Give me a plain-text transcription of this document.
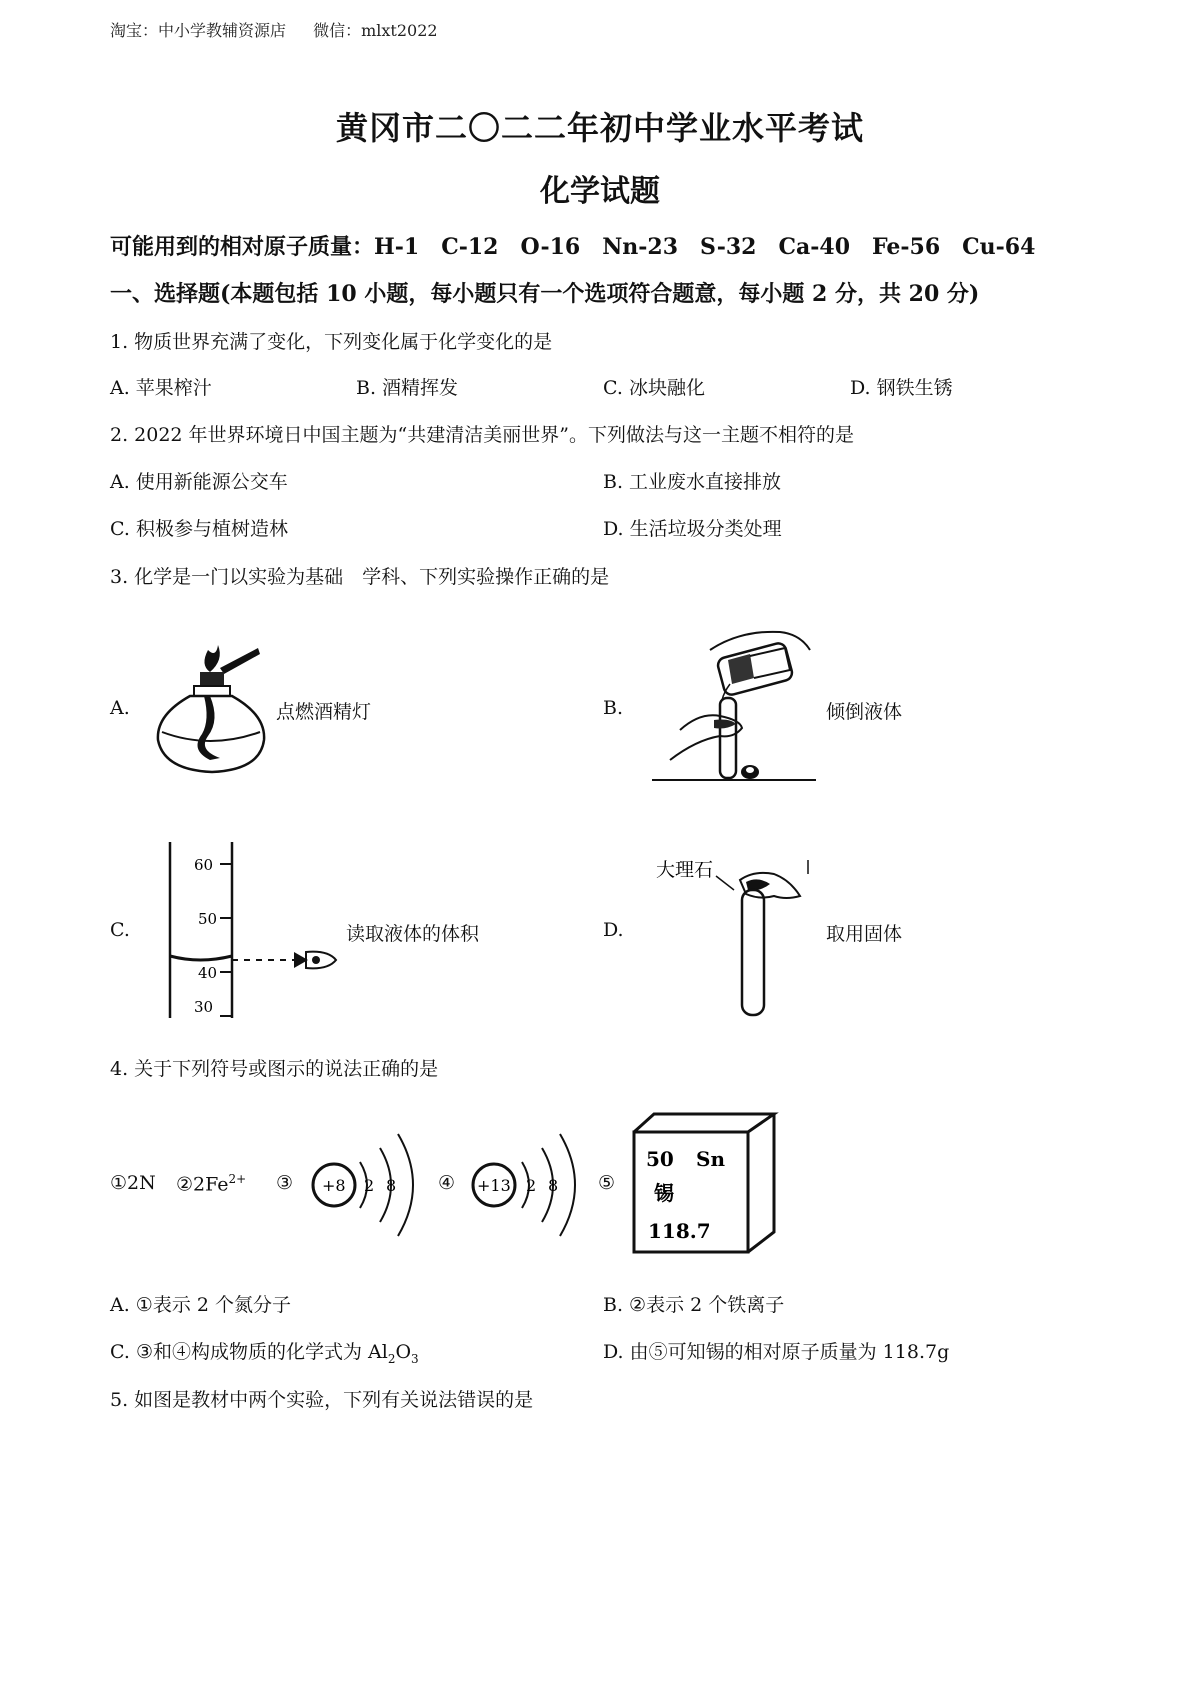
淘宝：中小学教辅资源店 微信：mlxt2022
黄冈市二〇二二年初中学业水平考试
化学试题
可能用到的相对原子质量：H-1　C-12　O-16　Nn-23　S-32　Ca-40　Fe-56　Cu-64
一、选择题(本题包括 10 小题，每小题只有一个选项符合题意，每小题 2 分，共 20 分)
1. 物质世界充满了变化，下列变化属于化学变化的是
A. 苹果榨汁	B. 酒精挥发	C. 冰块融化	D. 钢铁生锈
2. 2022 年世界环境日中国主题为“共建清洁美丽世界”。下列做法与这一主题不相符的是
A. 使用新能源公交车	B. 工业废水直接排放
C. 积极参与植树造林	D. 生活垃圾分类处理
3. 化学是一门以实验为基础　学科、下列实验操作正确的是
A.	点燃酒精灯	B.	倾倒液体
C.
60
50
40
30
读取液体的体积	D.
大理石
取用固体
4. 关于下列符号或图示的说法正确的是
①2N $②2Fe^{2+}$ ③ +8 2 8 ④ +13 2 8 ⑤
50 Sn
锡
118.7
A. ①表示 2 个氮分子	B. ②表示 2 个铁离子
C. ③和④构成物质的化学式为 $Al_2O_3$	D. 由⑤可知锡的相对原子质量为 118.7g
5. 如图是教材中两个实验，下列有关说法错误的是
